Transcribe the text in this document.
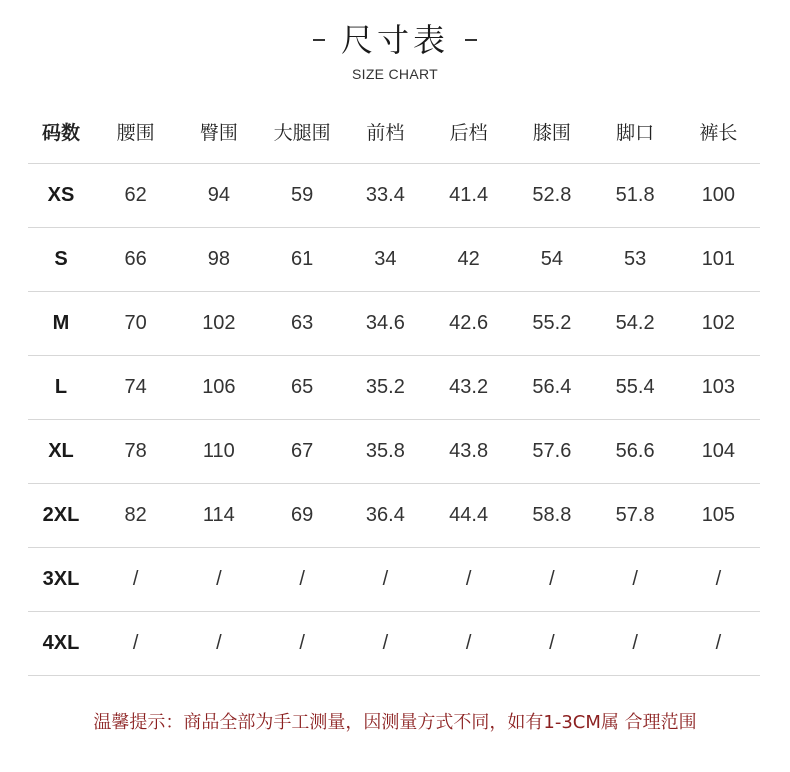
尺寸表
SIZE CHART
码数	腰围	臀围	大腿围	前档	后档	膝围	脚口	裤长
XS	62	94	59	33.4	41.4	52.8	51.8	100
S	66	98	61	34	42	54	53	101
M	70	102	63	34.6	42.6	55.2	54.2	102
L	74	106	65	35.2	43.2	56.4	55.4	103
XL	78	110	67	35.8	43.8	57.6	56.6	104
2XL	82	114	69	36.4	44.4	58.8	57.8	105
3XL	/	/	/	/	/	/	/	/
4XL	/	/	/	/	/	/	/	/
温馨提示：商品全部为手工测量，因测量方式不同，如有1-3CM属 合理范围
